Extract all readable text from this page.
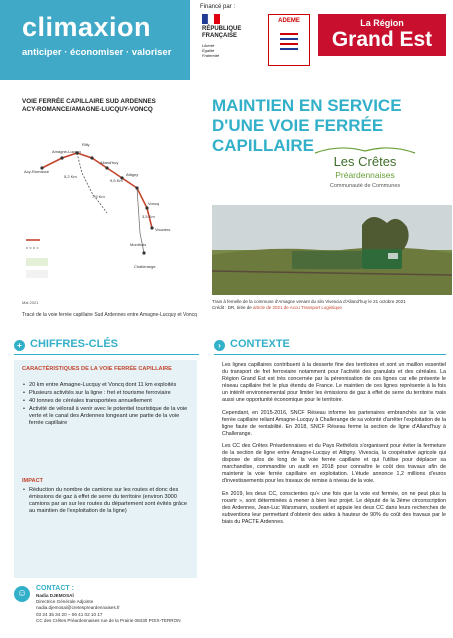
climaxion
anticiper · économiser · valoriser
Financé par :
RÉPUBLIQUE
FRANÇAISE
Liberté
Égalité
Fraternité
ADEME	La Région
Grand Est
VOIE FERRÉE CAPILLAIRE SUD ARDENNES
ACY-ROMANCE/AMAGNE-LUCQUY-VONCQ
Acy-Romance
Amagne-Lucquy
Alland'huy
Attigny
Voncq
Challerange
Vouziers
Rilly
Monthois
5,2 Km
9,5 Km
7,5 Km
3,5 Km
Mai 2021
Tracé de la voie ferrée capillaire Sud Ardennes entre Amagne-Lucquy et Voncq
MAINTIEN EN SERVICE D'UNE VOIE FERRÉE CAPILLAIRE
Les Crêtes
Préardennaises
Communauté de Communes
Train à femelle de la commune d'Amagne venant du silo Vivescia d'Alland'huy le 21 octobre 2021
Crédit : DR, tirée de article de 2021 de Accu Transport Logistique
+ CHIFFRES-CLÉS
CARACTÉRISTIQUES DE LA VOIE FERRÉE CAPILLAIRE
• 20 km entre Amagne-Lucquy et Voncq dont 11 km exploités
• Plusieurs activités sur la ligne : fret et tourisme ferroviaire
• 40 tonnes de céréales transportées annuellement
• Activité de vélorail à venir avec le potentiel touristique de la voie verte et le canal des Ardennes longeant une partie de la voie ferrée capillaire
IMPACT
• Réduction du nombre de camions sur les routes et donc des émissions de gaz à effet de serre du territoire (environ 3000 camions par an sur les routes du département sont évités grâce au maintien de l'exploitation de la ligne)
› CONTEXTE

Les lignes capillaires contribuent à la desserte fine des territoires et sont un maillon essentiel du transport de fret ferroviaire notamment pour l'activité des granulats et des céréales. La Région Grand Est est très concernée par la pérennisation de ces lignes car elle présente le réseau capillaire fret le plus étendu de France. Le maintien de ces lignes représente à la fois un intérêt environnemental pour limiter les émissions de gaz à effet de serre du territoire mais aussi une opportunité économique pour le territoire.

Cependant, en 2015-2016, SNCF Réseau informe les partenaires embranchés sur la voie ferrée capillaire reliant Amagne-Lucquy à Challerange de sa volonté d'arrêter l'exploitation de la ligne faute de rentabilité. En 2018, SNCF Réseau ferme la section de ligne d'Alland'huy à Challerange.

Les CC des Crêtes Préardennaises et du Pays Rethélois s'organisent pour éviter la fermeture de la section de ligne entre Amagne-Lucquy et Attigny. Vivescia, la coopérative agricole qui dispose de silos de long de la voie ferrée capillaire et qui l'utilise pour déplacer sa marchandise, commandite un audit en 2018 pour connaître le coût des travaux afin de maintenir la voie ferrée capillaire en exploitation. L'étude annonce 1,2 millions d'euros d'investissements pour les travaux de remise à niveau de la voie.

En 2019, les deux CC, conscientes qu'« une fois que la voie est fermée, on ne peut plus la rouvrir », sont déterminées à mener à bien leur projet. Le député de la 3ème circonscription des Ardennes, Jean-Luc Warsmann, soutient et appuie les deux CC dans leurs recherches de subventions leur permettant d'obtenir des aides à hauteur de 90% du coût des travaux par le biais du PACTE Ardennes.

☺	CONTACT :
Nadia DJEMOSAÏ
Directrice Générale Adjointe
nadia.djemosai@cretespreardennaises.fr
03 24 35 34 20 – 06 41 02 10 17
CC des Crêtes Préardennaises rue de la Prairie 08430 POIX-TERRON
